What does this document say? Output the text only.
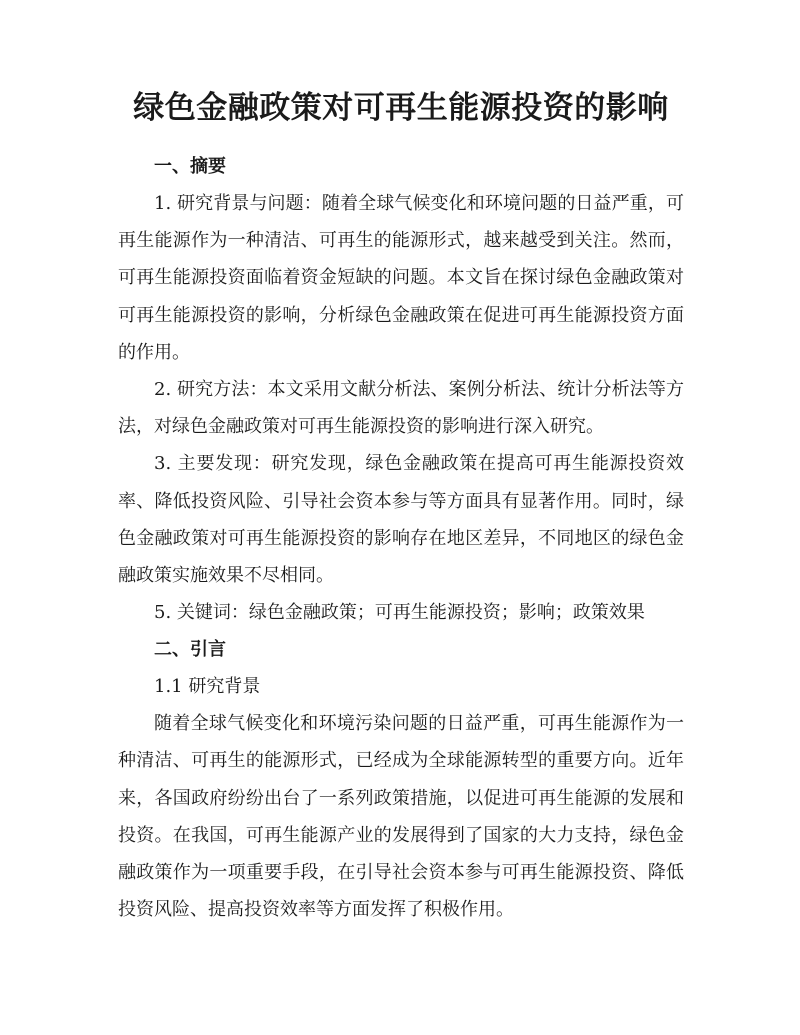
绿色金融政策对可再生能源投资的影响
一、摘要

1. 研究背景与问题：随着全球气候变化和环境问题的日益严重，可再生能源作为一种清洁、可再生的能源形式，越来越受到关注。然而，可再生能源投资面临着资金短缺的问题。本文旨在探讨绿色金融政策对可再生能源投资的影响，分析绿色金融政策在促进可再生能源投资方面的作用。

2. 研究方法：本文采用文献分析法、案例分析法、统计分析法等方法，对绿色金融政策对可再生能源投资的影响进行深入研究。

3. 主要发现：研究发现，绿色金融政策在提高可再生能源投资效率、降低投资风险、引导社会资本参与等方面具有显著作用。同时，绿色金融政策对可再生能源投资的影响存在地区差异，不同地区的绿色金融政策实施效果不尽相同。

5. 关键词：绿色金融政策；可再生能源投资；影响；政策效果

二、引言

1.1 研究背景

随着全球气候变化和环境污染问题的日益严重，可再生能源作为一种清洁、可再生的能源形式，已经成为全球能源转型的重要方向。近年来，各国政府纷纷出台了一系列政策措施，以促进可再生能源的发展和投资。在我国，可再生能源产业的发展得到了国家的大力支持，绿色金融政策作为一项重要手段，在引导社会资本参与可再生能源投资、降低投资风险、提高投资效率等方面发挥了积极作用。
